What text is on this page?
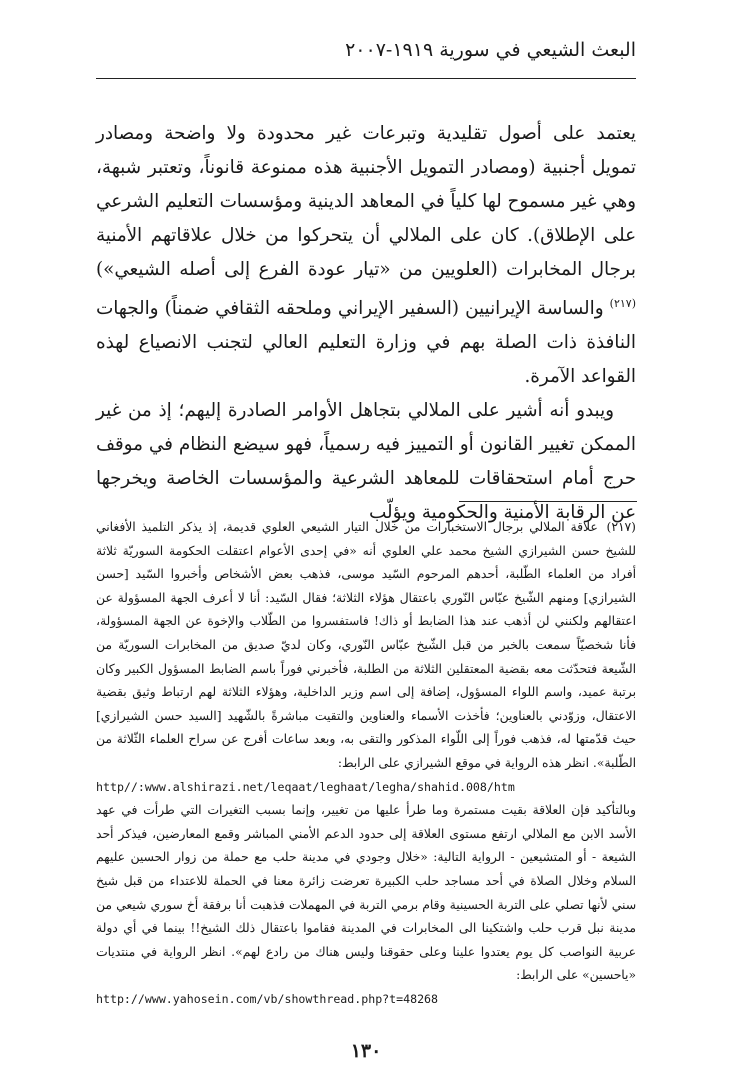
البعث الشيعي في سورية ١٩١٩-٢٠٠٧

يعتمد على أصول تقليدية وتبرعات غير محدودة ولا واضحة ومصادر تمويل أجنبية (ومصادر التمويل الأجنبية هذه ممنوعة قانوناً، وتعتبر شبهة، وهي غير مسموح لها كلياً في المعاهد الدينية ومؤسسات التعليم الشرعي على الإطلاق). كان على الملالي أن يتحركوا من خلال علاقاتهم الأمنية برجال المخابرات (العلويين من «تيار عودة الفرع إلى أصله الشيعي»)$^{(٢١٧)}$ والساسة الإيرانيين (السفير الإيراني وملحقه الثقافي ضمناً) والجهات النافذة ذات الصلة بهم في وزارة التعليم العالي لتجنب الانصياع لهذه القواعد الآمرة.

ويبدو أنه أشير على الملالي بتجاهل الأوامر الصادرة إليهم؛ إذ من غير الممكن تغيير القانون أو التمييز فيه رسمياً، فهو سيضع النظام في موقف حرج أمام استحقاقات للمعاهد الشرعية والمؤسسات الخاصة ويخرجها عن الرقابة الأمنية والحكومية ويؤلّب

(٢١٧) علاقة الملالي برجال الاستخبارات من خلال التيار الشيعي العلوي قديمة، إذ يذكر التلميذ الأفغاني للشيخ حسن الشيرازي الشيخ محمد علي العلوي أنه «في إحدى الأعوام اعتقلت الحكومة السوريّة ثلاثة أفراد من العلماء الطّلبة، أحدهم المرحوم السّيد موسى، فذهب بعض الأشخاص وأخبروا السّيد [حسن الشيرازي] ومنهم الشّيخ عبّاس النّوري باعتقال هؤلاء الثلاثة؛ فقال السّيد: أنا لا أعرف الجهة المسؤولة عن اعتقالهم ولكنني لن أذهب عند هذا الضابط أو ذاك! فاستفسروا من الطّلاب والإخوة عن الجهة المسؤولة، فأنا شخصيّاً سمعت بالخبر من قبل الشّيخ عبّاس النّوري، وكان لديّ صديق من المخابرات السوريّة من الشّيعة فتحدّثت معه بقضية المعتقلين الثلاثة من الطلبة، فأخبرني فوراً باسم الضابط المسؤول الكبير وكان برتبة عميد، واسم اللواء المسؤول، إضافة إلى اسم وزير الداخلية، وهؤلاء الثلاثة لهم ارتباط وثيق بقضية الاعتقال، وزوّدني بالعناوين؛ فأخذت الأسماء والعناوين والتقيت مباشرةً بالشّهيد [السيد حسن الشيرازي] حيث قدّمتها له، فذهب فوراً إلى اللّواء المذكور والتقى به، وبعد ساعات أفرج عن سراح العلماء الثّلاثة من الطّلبة». انظر هذه الرواية في موقع الشيرازي على الرابط:

http//:www.alshirazi.net/leqaat/leghaat/legha/shahid.008/htm

وبالتأكيد فإن العلاقة بقيت مستمرة وما طرأ عليها من تغيير، وإنما بسبب التغيرات التي طرأت في عهد الأسد الابن مع الملالي ارتفع مستوى العلاقة إلى حدود الدعم الأمني المباشر وقمع المعارضين، فيذكر أحد الشيعة - أو المتشيعين - الرواية التالية: «خلال وجودي في مدينة حلب مع حملة من زوار الحسين عليهم السلام وخلال الصلاة في أحد مساجد حلب الكبيرة تعرضت زائرة معنا في الحملة للاعتداء من قبل شيخ سني لأنها تصلي على التربة الحسينية وقام برمي التربة في المهملات فذهبت أنا برفقة أخ سوري شيعي من مدينة نبل قرب حلب واشتكينا الى المخابرات في المدينة فقاموا باعتقال ذلك الشيخ!! بينما في أي دولة عربية النواصب كل يوم يعتدوا علينا وعلى حقوقنا وليس هناك من رادع لهم». انظر الرواية في منتديات «ياحسين» على الرابط:

http://www.yahosein.com/vb/showthread.php?t=48268

١٣٠
